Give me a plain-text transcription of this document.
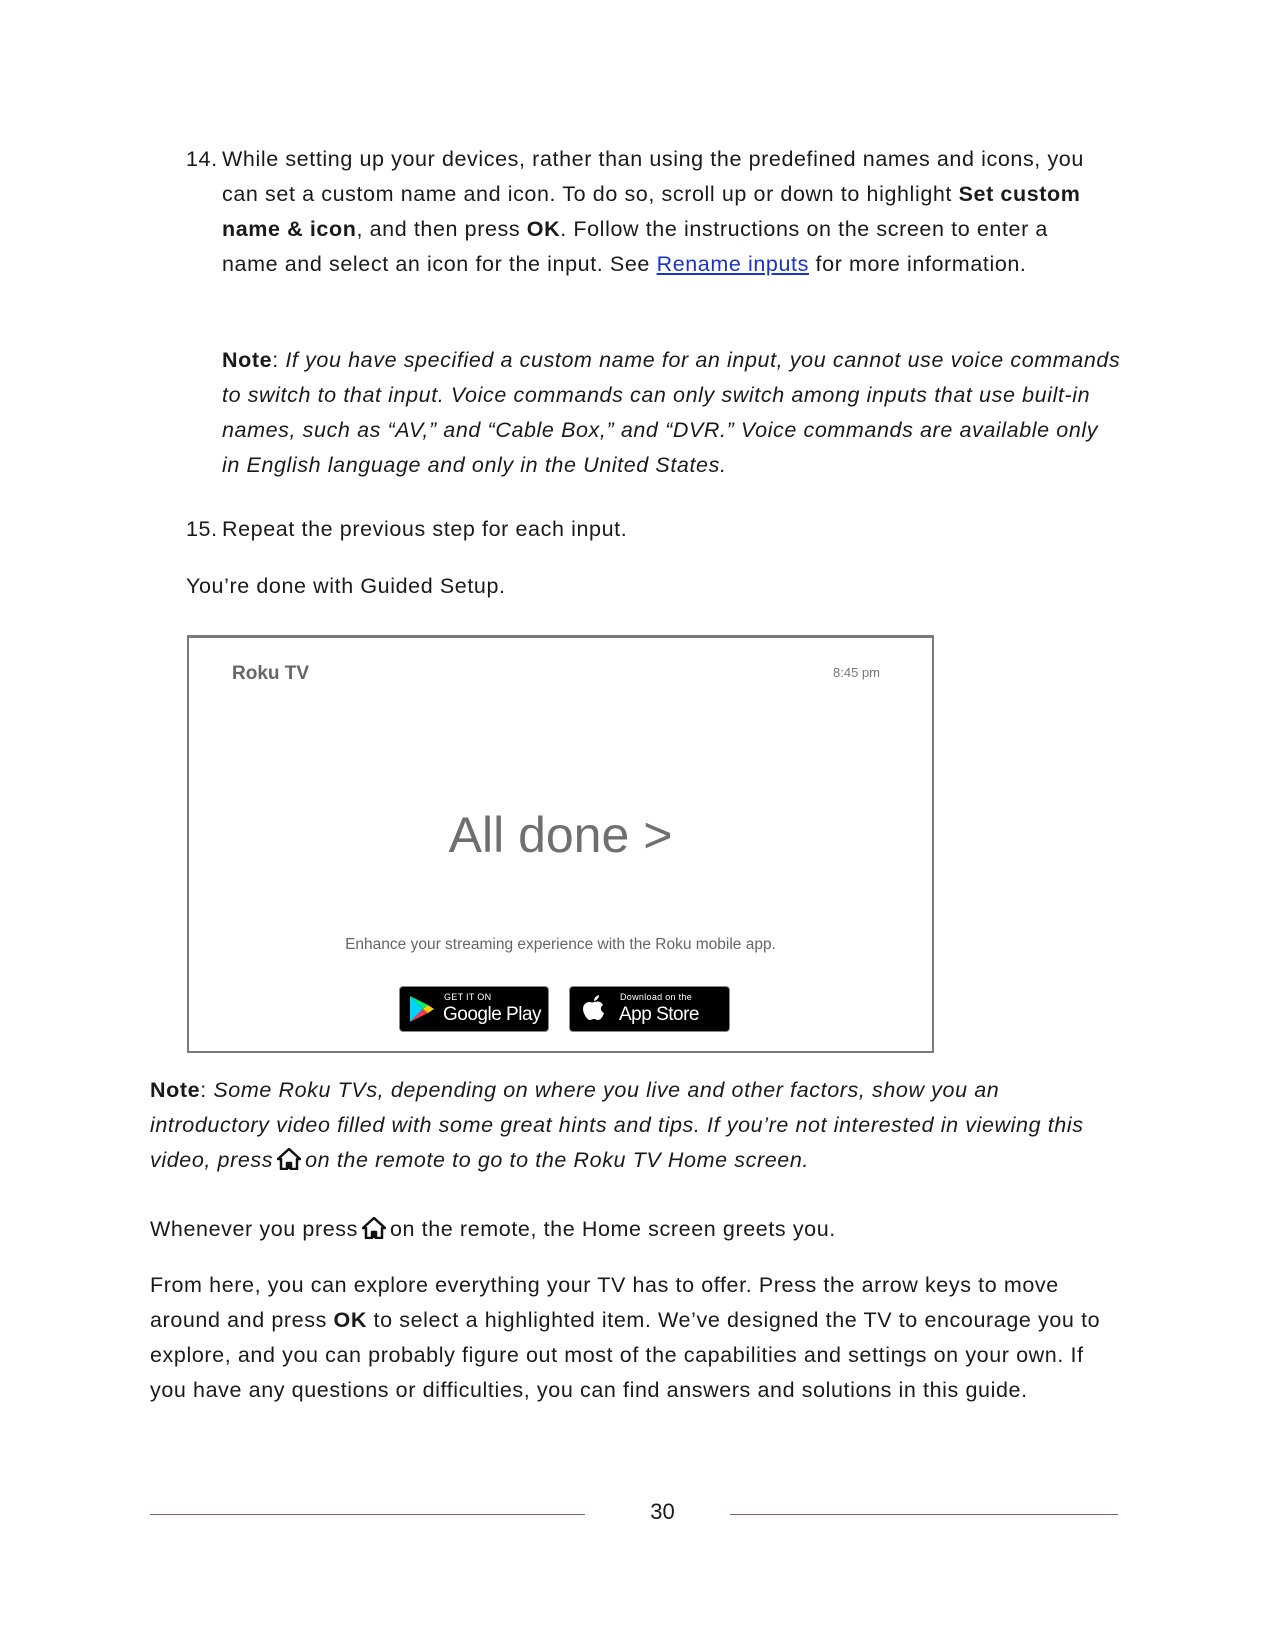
14. While setting up your devices, rather than using the predefined names and icons, you can set a custom name and icon. To do so, scroll up or down to highlight Set custom name & icon, and then press OK. Follow the instructions on the screen to enter a name and select an icon for the input. See Rename inputs for more information.
Note: If you have specified a custom name for an input, you cannot use voice commands to switch to that input. Voice commands can only switch among inputs that use built-in names, such as “AV,” and “Cable Box,” and “DVR.” Voice commands are available only in English language and only in the United States.
15. Repeat the previous step for each input.
You’re done with Guided Setup.
Roku TV	8:45 pm
All done >
Enhance your streaming experience with the Roku mobile app.
GET IT ON
Google Play
Download on the
App Store
Note: Some Roku TVs, depending on where you live and other factors, show you an introductory video filled with some great hints and tips. If you’re not interested in viewing this video, press on the remote to go to the Roku TV Home screen.
Whenever you press on the remote, the Home screen greets you.
From here, you can explore everything your TV has to offer. Press the arrow keys to move around and press OK to select a highlighted item. We’ve designed the TV to encourage you to explore, and you can probably figure out most of the capabilities and settings on your own. If you have any questions or difficulties, you can find answers and solutions in this guide.
30
